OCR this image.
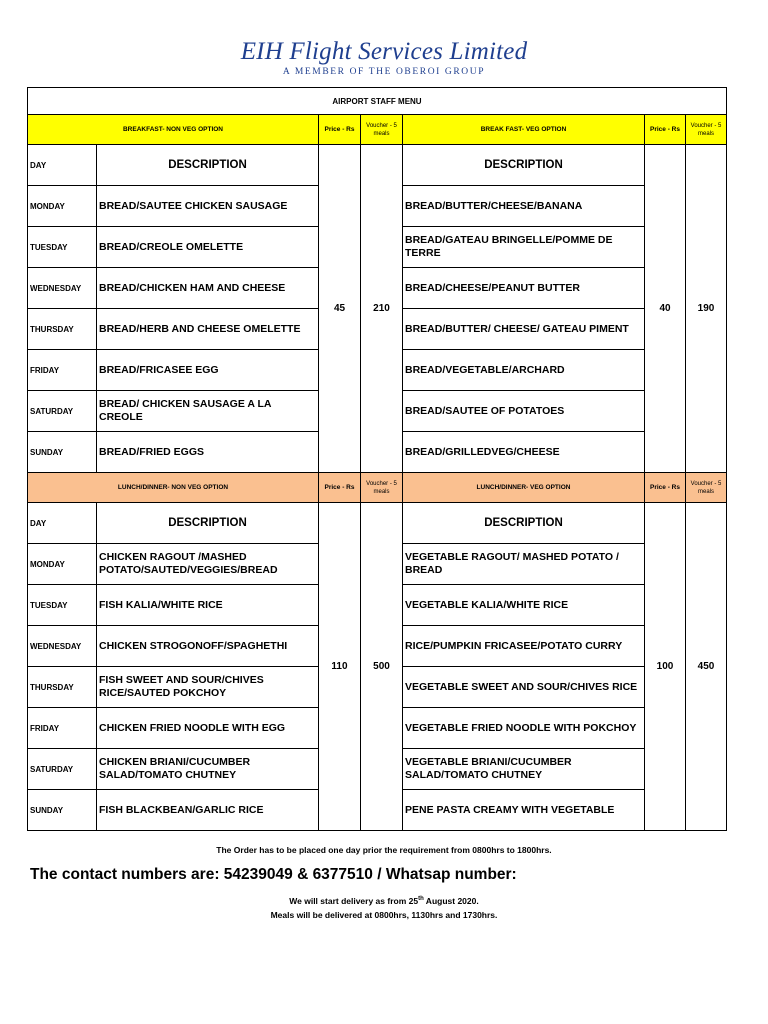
EIH Flight Services Limited
A MEMBER OF THE OBEROI GROUP
AIRPORT STAFF MENU						
BREAKFAST- NON VEG OPTION		Price - Rs	Voucher - 5 meals	BREAK FAST- VEG OPTION	Price - Rs	Voucher - 5 meals
DAY	DESCRIPTION	45	210	DESCRIPTION	40	190
MONDAY	BREAD/SAUTEE CHICKEN SAUSAGE			BREAD/BUTTER/CHEESE/BANANA		
TUESDAY	BREAD/CREOLE OMELETTE			BREAD/GATEAU BRINGELLE/POMME DE TERRE		
WEDNESDAY	BREAD/CHICKEN HAM AND CHEESE			BREAD/CHEESE/PEANUT BUTTER		
THURSDAY	BREAD/HERB AND CHEESE OMELETTE			BREAD/BUTTER/ CHEESE/ GATEAU PIMENT		
FRIDAY	BREAD/FRICASEE EGG			BREAD/VEGETABLE/ARCHARD		
SATURDAY	BREAD/ CHICKEN SAUSAGE A LA CREOLE			BREAD/SAUTEE OF POTATOES		
SUNDAY	BREAD/FRIED EGGS			BREAD/GRILLEDVEG/CHEESE		
LUNCH/DINNER- NON VEG OPTION		Price - Rs	Voucher - 5 meals	LUNCH/DINNER- VEG OPTION	Price - Rs	Voucher - 5 meals
DAY	DESCRIPTION	110	500	DESCRIPTION	100	450
MONDAY	CHICKEN RAGOUT /MASHED POTATO/SAUTED/VEGGIES/BREAD			VEGETABLE RAGOUT/ MASHED POTATO / BREAD		
TUESDAY	FISH KALIA/WHITE RICE			VEGETABLE KALIA/WHITE RICE		
WEDNESDAY	CHICKEN STROGONOFF/SPAGHETHI			RICE/PUMPKIN FRICASEE/POTATO CURRY		
THURSDAY	FISH SWEET AND SOUR/CHIVES RICE/SAUTED POKCHOY			VEGETABLE SWEET AND SOUR/CHIVES RICE		
FRIDAY	CHICKEN FRIED NOODLE WITH EGG			VEGETABLE FRIED NOODLE WITH POKCHOY		
SATURDAY	CHICKEN BRIANI/CUCUMBER SALAD/TOMATO CHUTNEY			VEGETABLE BRIANI/CUCUMBER SALAD/TOMATO CHUTNEY		
SUNDAY	FISH BLACKBEAN/GARLIC RICE			PENE PASTA CREAMY WITH VEGETABLE		
The Order has to be placed one day prior the requirement from 0800hrs to 1800hrs.
The contact numbers are: 54239049 & 6377510 / Whatsap number:
We will start delivery as from 25th August 2020.
Meals will be delivered at 0800hrs, 1130hrs and 1730hrs.
